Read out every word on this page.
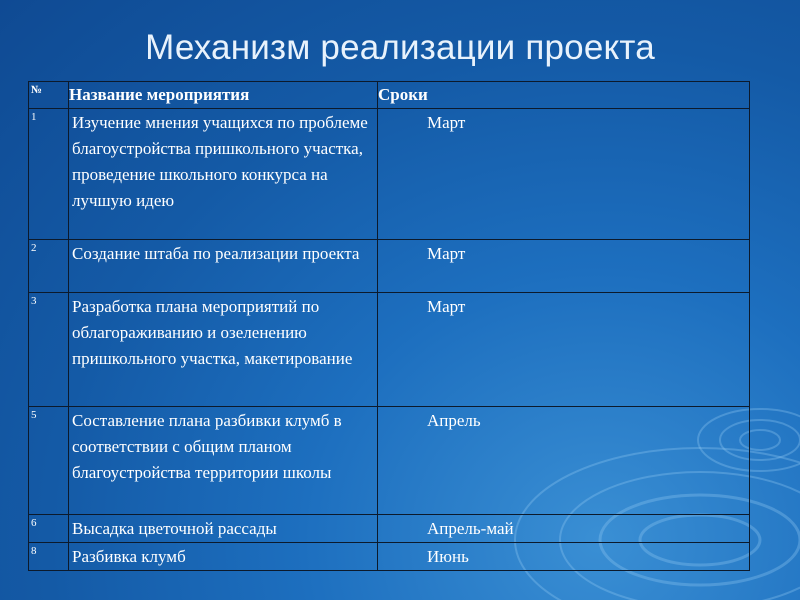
Механизм реализации проекта
№	Название мероприятия	Сроки

1	Изучение мнения учащихся по проблеме благоустройства пришкольного участка, проведение школьного конкурса на лучшую идею	Март

2	Создание штаба по реализации проекта	Март

3	Разработка плана мероприятий по облагораживанию и озеленению пришкольного участка, макетирование	Март

5	Составление плана разбивки клумб в соответствии с общим планом благоустройства территории школы	Апрель

6	Высадка цветочной рассады	Апрель-май

8	Разбивка клумб	Июнь
